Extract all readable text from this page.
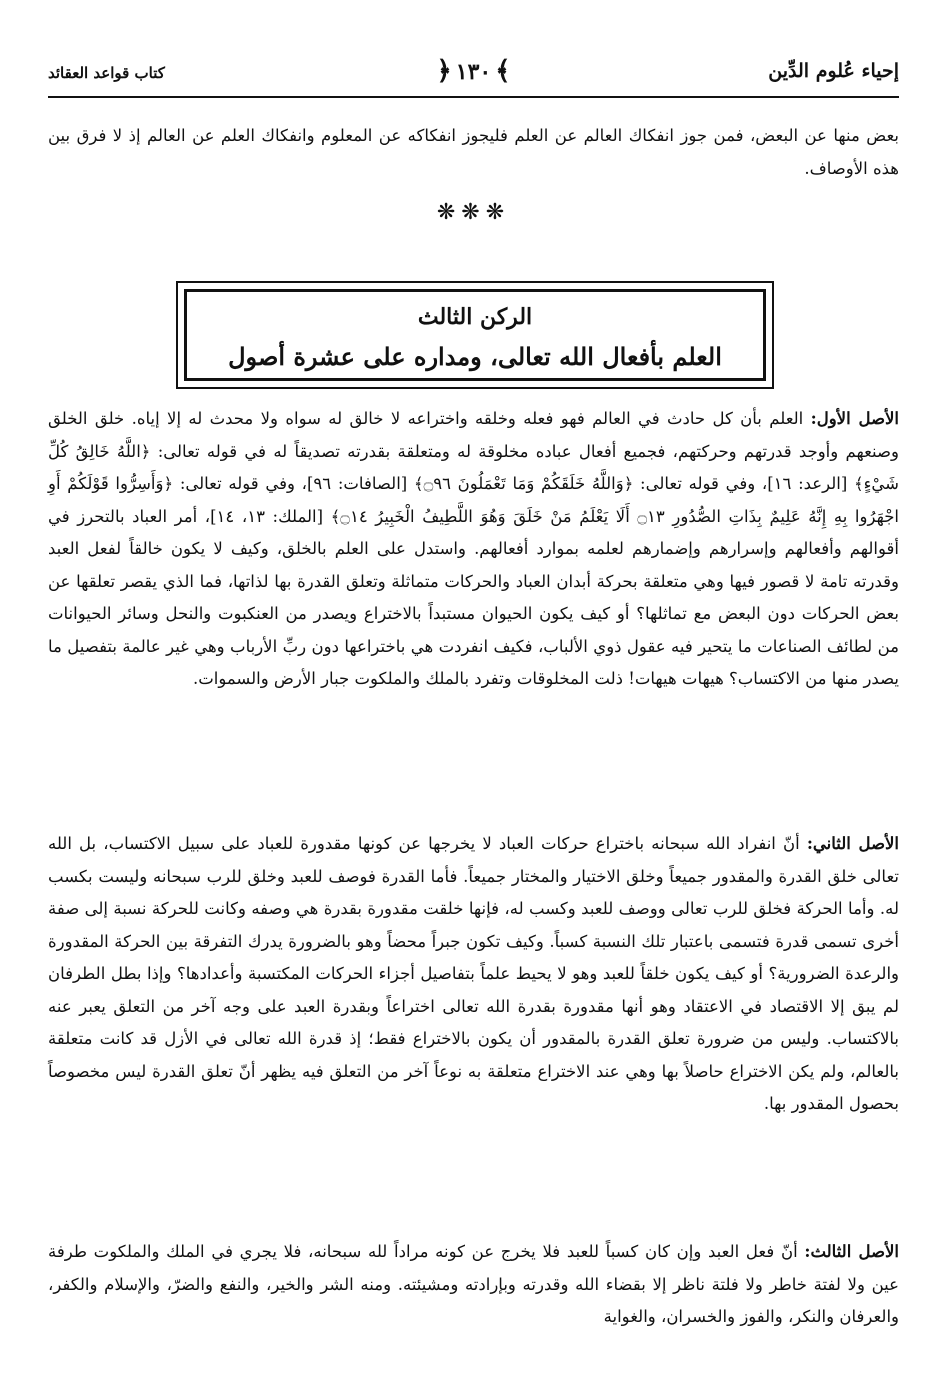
إحياء عُلوم الدِّين
﴾١٣٠﴿
كتاب قواعد العقائد

بعض منها عن البعض، فمن جوز انفكاك العالم عن العلم فليجوز انفكاكه عن المعلوم وانفكاك العلم عن العالم إذ لا فرق بين هذه الأوصاف.

❋❋❋
الركن الثالث
العلم بأفعال الله تعالى، ومداره على عشرة أصول

الأصل الأول: العلم بأن كل حادث في العالم فهو فعله وخلقه واختراعه لا خالق له سواه ولا محدث له إلا إياه. خلق الخلق وصنعهم وأوجد قدرتهم وحركتهم، فجميع أفعال عباده مخلوقة له ومتعلقة بقدرته تصديقاً له في قوله تعالى: ﴿اللَّهُ خَالِقُ كُلِّ شَيْءٍ﴾ [الرعد: ١٦]، وفي قوله تعالى: ﴿وَاللَّهُ خَلَقَكُمْ وَمَا تَعْمَلُونَ ۝٩٦﴾ [الصافات: ٩٦]، وفي قوله تعالى: ﴿وَأَسِرُّوا قَوْلَكُمْ أَوِ اجْهَرُوا بِهِ إِنَّهُ عَلِيمٌ بِذَاتِ الصُّدُورِ ۝١٣ أَلَا يَعْلَمُ مَنْ خَلَقَ وَهُوَ اللَّطِيفُ الْخَبِيرُ ۝١٤﴾ [الملك: ١٣، ١٤]، أمر العباد بالتحرز في أقوالهم وأفعالهم وإسرارهم وإضمارهم لعلمه بموارد أفعالهم. واستدل على العلم بالخلق، وكيف لا يكون خالقاً لفعل العبد وقدرته تامة لا قصور فيها وهي متعلقة بحركة أبدان العباد والحركات متماثلة وتعلق القدرة بها لذاتها، فما الذي يقصر تعلقها عن بعض الحركات دون البعض مع تماثلها؟ أو كيف يكون الحيوان مستبداً بالاختراع ويصدر من العنكبوت والنحل وسائر الحيوانات من لطائف الصناعات ما يتحير فيه عقول ذوي الألباب، فكيف انفردت هي باختراعها دون ربِّ الأرباب وهي غير عالمة بتفصيل ما يصدر منها من الاكتساب؟ هيهات هيهات! ذلت المخلوقات وتفرد بالملك والملكوت جبار الأرض والسموات.

الأصل الثاني: أنّ انفراد الله سبحانه باختراع حركات العباد لا يخرجها عن كونها مقدورة للعباد على سبيل الاكتساب، بل الله تعالى خلق القدرة والمقدور جميعاً وخلق الاختيار والمختار جميعاً. فأما القدرة فوصف للعبد وخلق للرب سبحانه وليست بكسب له. وأما الحركة فخلق للرب تعالى ووصف للعبد وكسب له، فإنها خلقت مقدورة بقدرة هي وصفه وكانت للحركة نسبة إلى صفة أخرى تسمى قدرة فتسمى باعتبار تلك النسبة كسباً. وكيف تكون جبراً محضاً وهو بالضرورة يدرك التفرقة بين الحركة المقدورة والرعدة الضرورية؟ أو كيف يكون خلقاً للعبد وهو لا يحيط علماً بتفاصيل أجزاء الحركات المكتسبة وأعدادها؟ وإذا بطل الطرفان لم يبق إلا الاقتصاد في الاعتقاد وهو أنها مقدورة بقدرة الله تعالى اختراعاً وبقدرة العبد على وجه آخر من التعلق يعبر عنه بالاكتساب. وليس من ضرورة تعلق القدرة بالمقدور أن يكون بالاختراع فقط؛ إذ قدرة الله تعالى في الأزل قد كانت متعلقة بالعالم، ولم يكن الاختراع حاصلاً بها وهي عند الاختراع متعلقة به نوعاً آخر من التعلق فيه يظهر أنّ تعلق القدرة ليس مخصوصاً بحصول المقدور بها.

الأصل الثالث: أنّ فعل العبد وإن كان كسباً للعبد فلا يخرج عن كونه مراداً لله سبحانه، فلا يجري في الملك والملكوت طرفة عين ولا لفتة خاطر ولا فلتة ناظر إلا بقضاء الله وقدرته وبإرادته ومشيئته. ومنه الشر والخير، والنفع والضرّ، والإسلام والكفر، والعرفان والنكر، والفوز والخسران، والغواية
